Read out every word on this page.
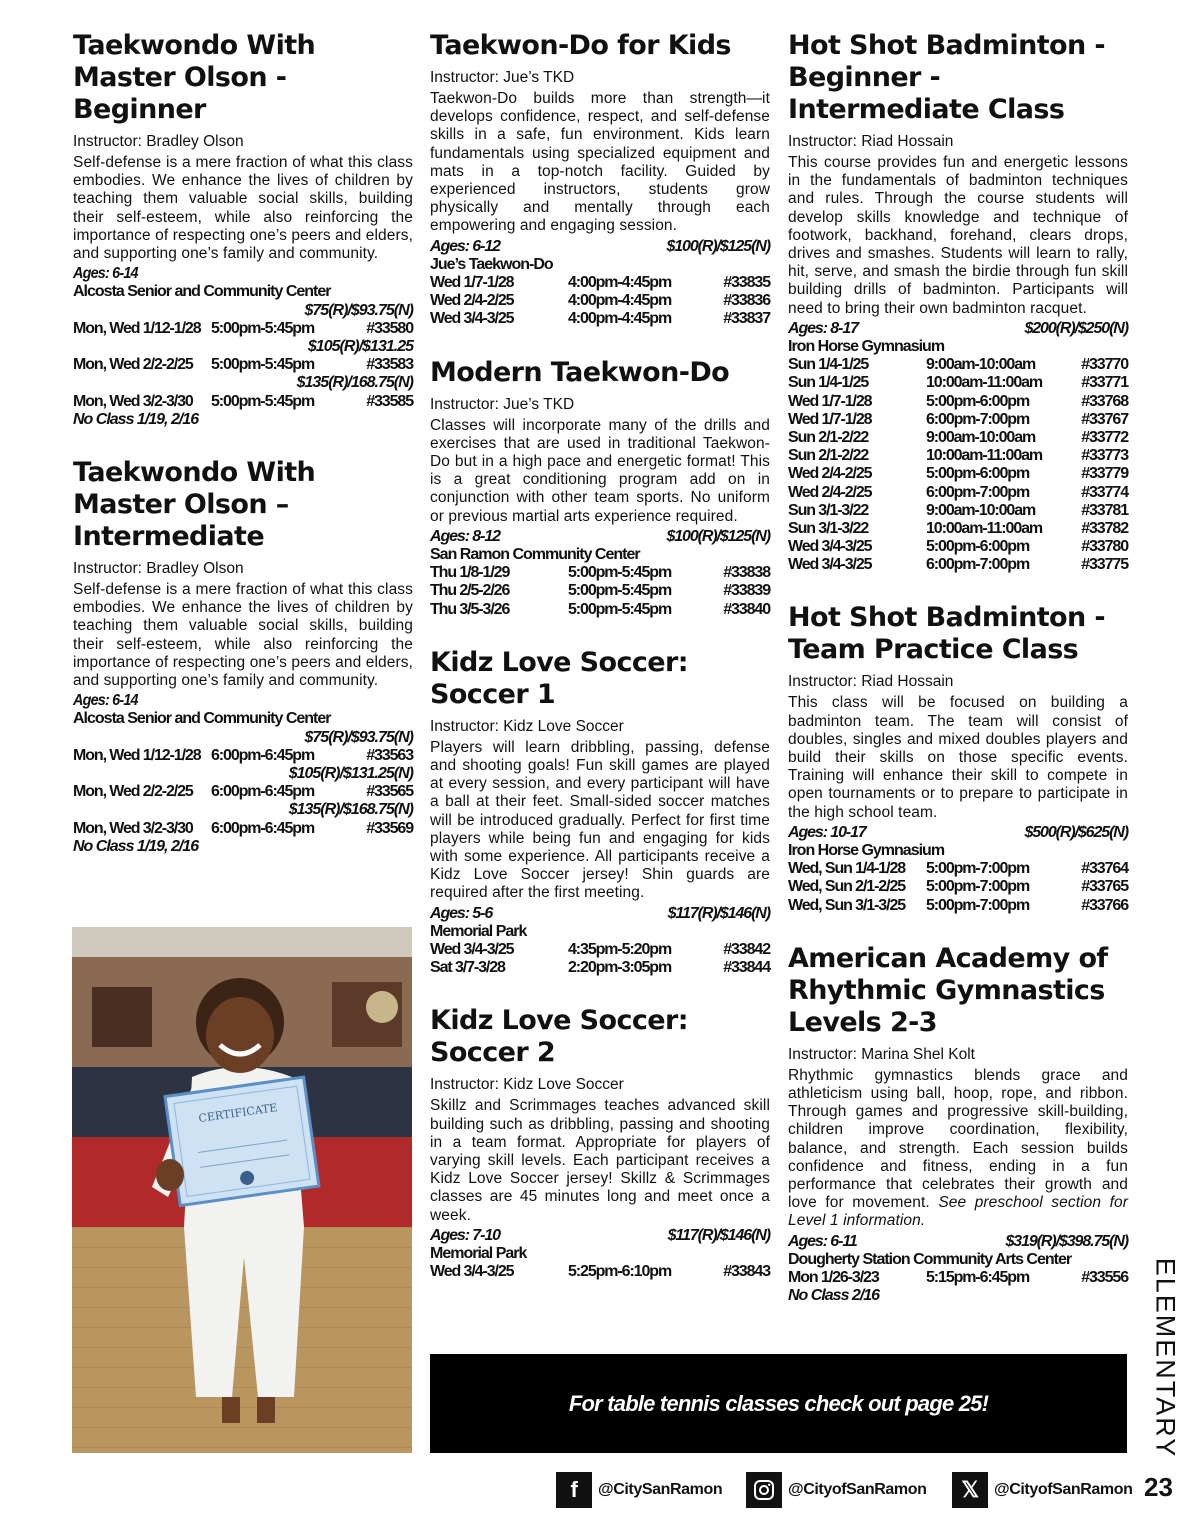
Taekwondo With Master Olson - Beginner

Instructor: Bradley Olson

Self-defense is a mere fraction of what this class embodies. We enhance the lives of children by teaching them valuable social skills, building their self-esteem, while also reinforcing the importance of respecting one’s peers and elders, and supporting one’s family and community.

Ages: 6-14
Alcosta Senior and Community Center
$75(R)/$93.75(N)
Mon, Wed 1/12-1/28 5:00pm-5:45pm	#33580
$105(R)/$131.25
Mon, Wed 2/2-2/25 5:00pm-5:45pm	#33583
$135(R)/168.75(N)
Mon, Wed 3/2-3/30 5:00pm-5:45pm	#33585
No Class 1/19, 2/16
Taekwondo With Master Olson – Intermediate

Instructor: Bradley Olson

Self-defense is a mere fraction of what this class embodies. We enhance the lives of children by teaching them valuable social skills, building their self-esteem, while also reinforcing the importance of respecting one’s peers and elders, and supporting one’s family and community.

Ages: 6-14
Alcosta Senior and Community Center
$75(R)/$93.75(N)
Mon, Wed 1/12-1/28 6:00pm-6:45pm	#33563
$105(R)/$131.25(N)
Mon, Wed 2/2-2/25 6:00pm-6:45pm	#33565
$135(R)/$168.75(N)
Mon, Wed 3/2-3/30 6:00pm-6:45pm	#33569
No Class 1/19, 2/16
CERTIFICATE
Taekwon-Do for Kids

Instructor: Jue’s TKD

Taekwon-Do builds more than strength—it develops confidence, respect, and self-defense skills in a safe, fun environment. Kids learn fundamentals using specialized equipment and mats in a top-notch facility. Guided by experienced instructors, students grow physically and mentally through each empowering and engaging session.

Ages: 6-12	$100(R)/$125(N)
Jue’s Taekwon-Do
Wed 1/7-1/28	4:00pm-4:45pm	#33835
Wed 2/4-2/25	4:00pm-4:45pm	#33836
Wed 3/4-3/25	4:00pm-4:45pm	#33837
Modern Taekwon-Do

Instructor: Jue’s TKD

Classes will incorporate many of the drills and exercises that are used in traditional Taekwon-Do but in a high pace and energetic format! This is a great conditioning program add on in conjunction with other team sports. No uniform or previous martial arts experience required.

Ages: 8-12	$100(R)/$125(N)
San Ramon Community Center
Thu 1/8-1/29	5:00pm-5:45pm	#33838
Thu 2/5-2/26	5:00pm-5:45pm	#33839
Thu 3/5-3/26	5:00pm-5:45pm	#33840
Kidz Love Soccer: Soccer 1

Instructor: Kidz Love Soccer

Players will learn dribbling, passing, defense and shooting goals! Fun skill games are played at every session, and every participant will have a ball at their feet. Small-sided soccer matches will be introduced gradually. Perfect for first time players while being fun and engaging for kids with some experience. All participants receive a Kidz Love Soccer jersey! Shin guards are required after the first meeting.

Ages: 5-6	$117(R)/$146(N)
Memorial Park
Wed 3/4-3/25	4:35pm-5:20pm	#33842
Sat 3/7-3/28	2:20pm-3:05pm	#33844
Kidz Love Soccer: Soccer 2

Instructor: Kidz Love Soccer

Skillz and Scrimmages teaches advanced skill building such as dribbling, passing and shooting in a team format. Appropriate for players of varying skill levels. Each participant receives a Kidz Love Soccer jersey! Skillz & Scrimmages classes are 45 minutes long and meet once a week.

Ages: 7-10	$117(R)/$146(N)
Memorial Park
Wed 3/4-3/25	5:25pm-6:10pm	#33843
Hot Shot Badminton - Beginner - Intermediate Class

Instructor: Riad Hossain

This course provides fun and energetic lessons in the fundamentals of badminton techniques and rules. Through the course students will develop skills knowledge and technique of footwork, backhand, forehand, clears drops, drives and smashes. Students will learn to rally, hit, serve, and smash the birdie through fun skill building drills of badminton. Participants will need to bring their own badminton racquet.

Ages: 8-17	$200(R)/$250(N)
Iron Horse Gymnasium
Sun 1/4-1/25	9:00am-10:00am	#33770
Sun 1/4-1/25	10:00am-11:00am #33771
Wed 1/7-1/28	5:00pm-6:00pm	#33768
Wed 1/7-1/28	6:00pm-7:00pm	#33767
Sun 2/1-2/22	9:00am-10:00am	#33772
Sun 2/1-2/22	10:00am-11:00am #33773
Wed 2/4-2/25	5:00pm-6:00pm	#33779
Wed 2/4-2/25	6:00pm-7:00pm	#33774
Sun 3/1-3/22	9:00am-10:00am	#33781
Sun 3/1-3/22	10:00am-11:00am #33782
Wed 3/4-3/25	5:00pm-6:00pm	#33780
Wed 3/4-3/25	6:00pm-7:00pm	#33775
Hot Shot Badminton - Team Practice Class

Instructor: Riad Hossain

This class will be focused on building a badminton team. The team will consist of doubles, singles and mixed doubles players and build their skills on those specific events. Training will enhance their skill to compete in open tournaments or to prepare to participate in the high school team.

Ages: 10-17	$500(R)/$625(N)
Iron Horse Gymnasium
Wed, Sun 1/4-1/28 5:00pm-7:00pm	#33764
Wed, Sun 2/1-2/25 5:00pm-7:00pm	#33765
Wed, Sun 3/1-3/25 5:00pm-7:00pm	#33766
American Academy of Rhythmic Gymnastics Levels 2-3

Instructor: Marina Shel Kolt

Rhythmic gymnastics blends grace and athleticism using ball, hoop, rope, and ribbon. Through games and progressive skill-building, children improve coordination, flexibility, balance, and strength. Each session builds confidence and fitness, ending in a fun performance that celebrates their growth and love for movement. See preschool section for Level 1 information.

Ages: 6-11	$319(R)/$398.75(N)
Dougherty Station Community Arts Center
Mon 1/26-3/23	5:15pm-6:45pm	#33556
No Class 2/16
For table tennis classes check out page 25!	ELEMENTARY
f	@CitySanRamon	@CityofSanRamon	𝕏 @CityofSanRamon 23
